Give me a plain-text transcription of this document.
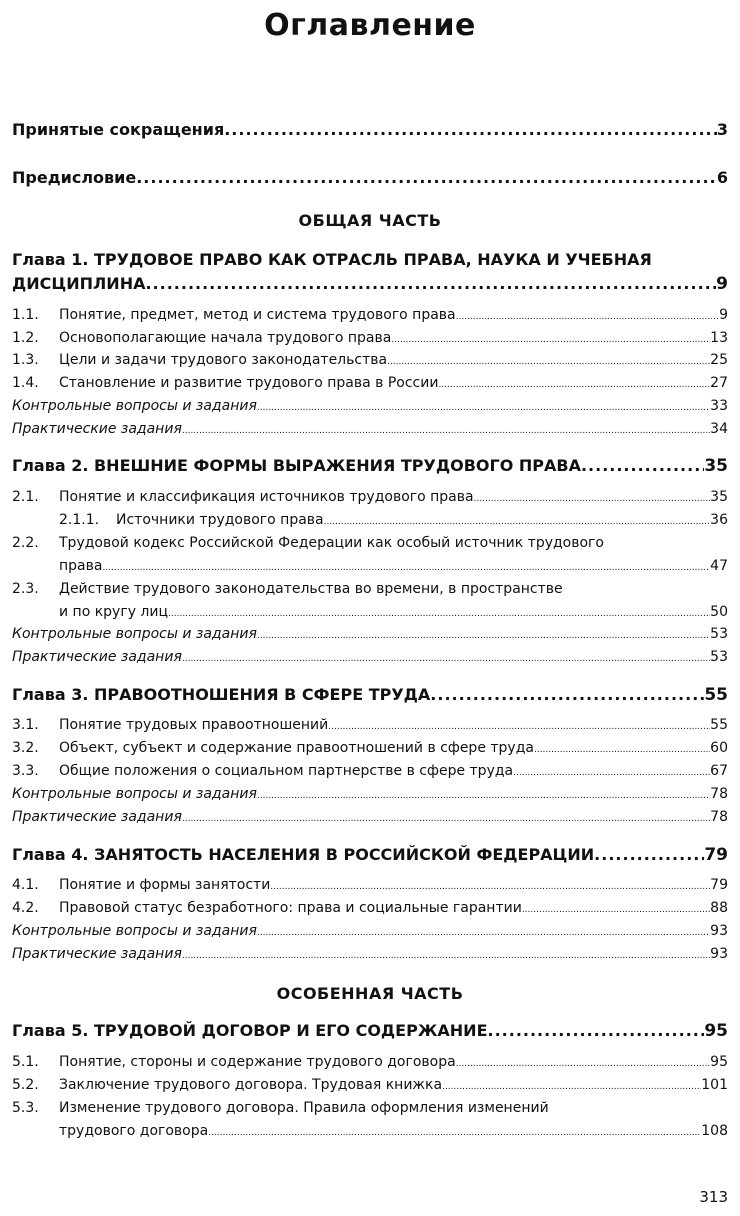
Оглавление
Принятые сокращения .....	3
Предисловие .....	6
ОБЩАЯ ЧАСТЬ
Глава 1. ТРУДОВОЕ ПРАВО КАК ОТРАСЛЬ ПРАВА, НАУКА И УЧЕБНАЯ
ДИСЦИПЛИНА .....	9
1.1.	Понятие, предмет, метод и система трудового права .....	9
1.2.	Основополагающие начала трудового права .....	13
1.3.	Цели и задачи трудового законодательства .....	25
1.4.	Становление и развитие трудового права в России .....	27
Контрольные вопросы и задания .....	33
Практические задания .....	34
Глава 2. ВНЕШНИЕ ФОРМЫ ВЫРАЖЕНИЯ ТРУДОВОГО ПРАВА .....	35
2.1.	Понятие и классификация источников трудового права .....	35
2.1.1.	Источники трудового права .....	36
2.2. Трудовой кодекс Российской Федерации как особый источник трудового
права .....	47
2.3. Действие трудового законодательства во времени, в пространстве
и по кругу лиц .....	50
Контрольные вопросы и задания .....	53
Практические задания .....	53
Глава 3. ПРАВООТНОШЕНИЯ В СФЕРЕ ТРУДА .....	55
3.1.	Понятие трудовых правоотношений .....	55
3.2.	Объект, субъект и содержание правоотношений в сфере труда .....	60
3.3.	Общие положения о социальном партнерстве в сфере труда .....	67
Контрольные вопросы и задания .....	78
Практические задания .....	78
Глава 4. ЗАНЯТОСТЬ НАСЕЛЕНИЯ В РОССИЙСКОЙ ФЕДЕРАЦИИ .....	79
4.1.	Понятие и формы занятости .....	79
4.2.	Правовой статус безработного: права и социальные гарантии .....	88
Контрольные вопросы и задания .....	93
Практические задания .....	93
ОСОБЕННАЯ ЧАСТЬ
Глава 5. ТРУДОВОЙ ДОГОВОР И ЕГО СОДЕРЖАНИЕ .....	95
5.1.	Понятие, стороны и содержание трудового договора .....	95
5.2.	Заключение трудового договора. Трудовая книжка .....	101
5.3. Изменение трудового договора. Правила оформления изменений
трудового договора .....	108
313
